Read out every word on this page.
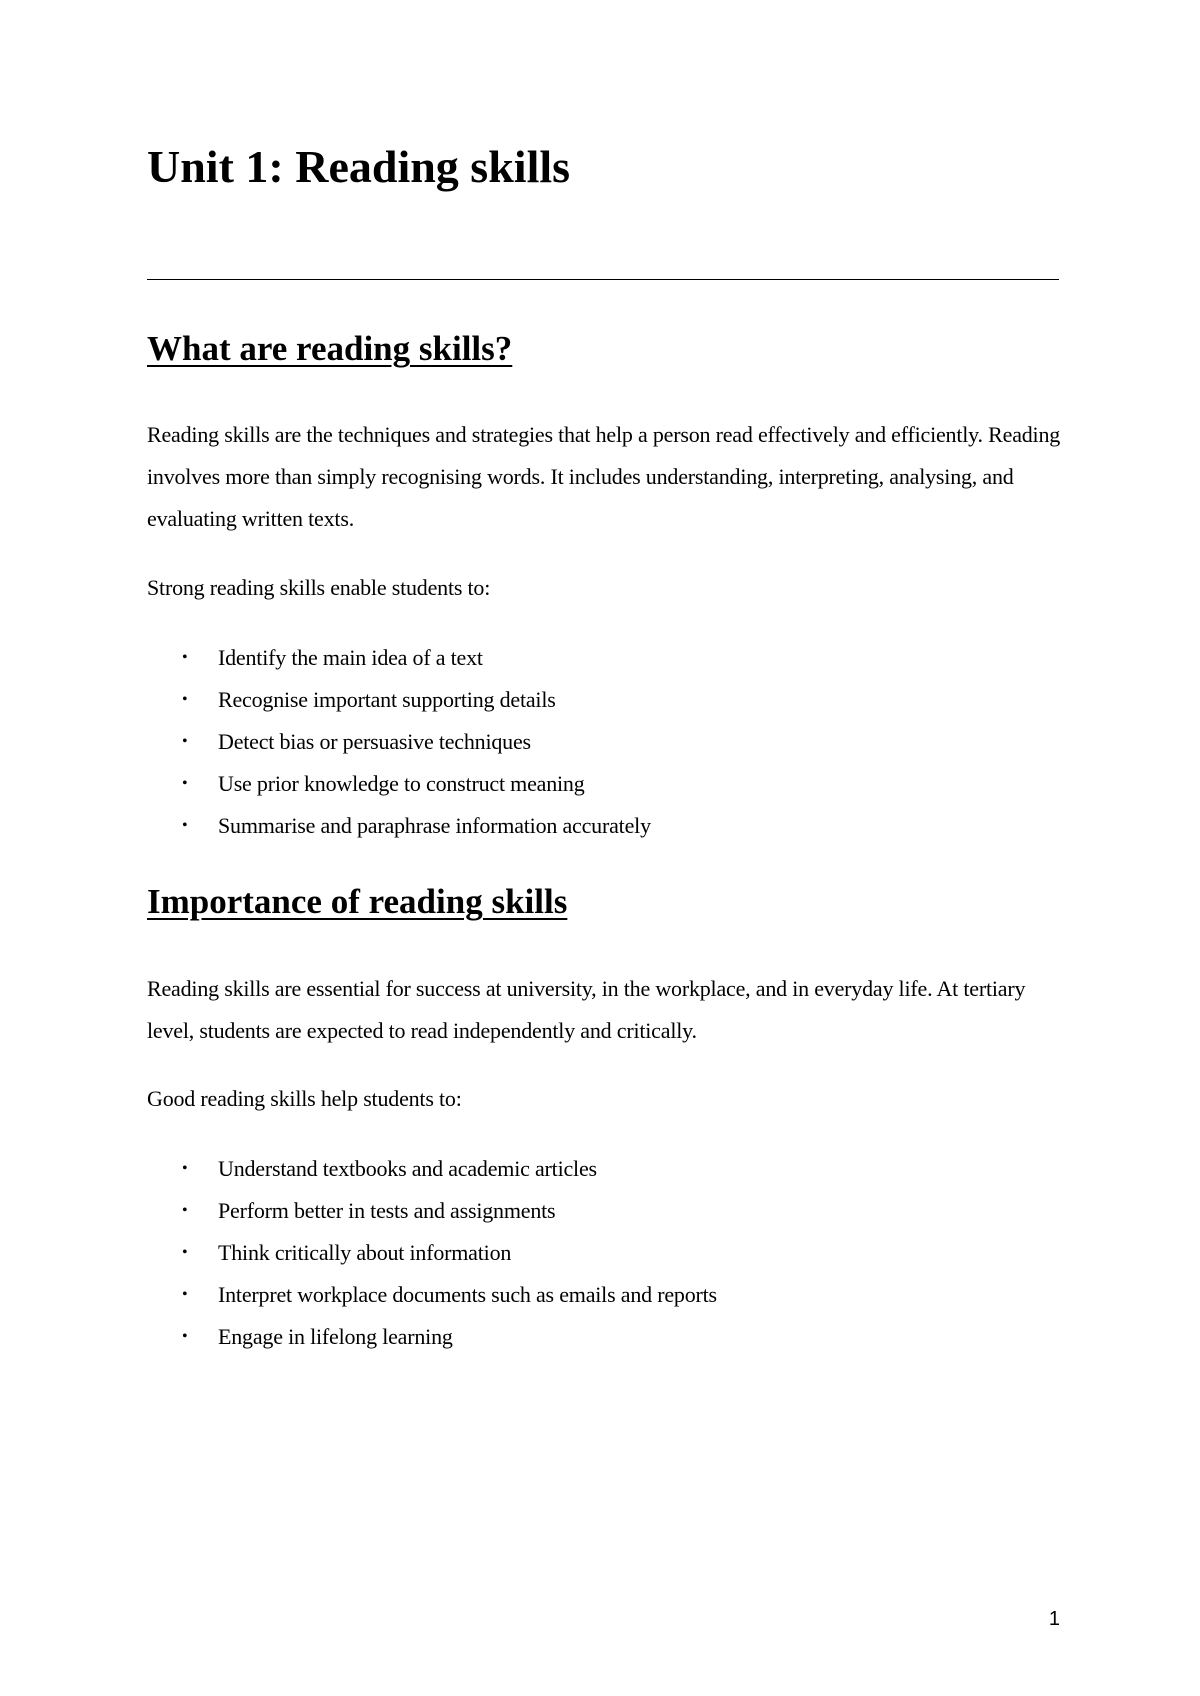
Unit 1: Reading skills
What are reading skills?

Reading skills are the techniques and strategies that help a person read effectively and efficiently. Reading involves more than simply recognising words. It includes understanding, interpreting, analysing, and evaluating written texts.

Strong reading skills enable students to:

• Identify the main idea of a text
• Recognise important supporting details
• Detect bias or persuasive techniques
• Use prior knowledge to construct meaning
• Summarise and paraphrase information accurately
Importance of reading skills

Reading skills are essential for success at university, in the workplace, and in everyday life. At tertiary level, students are expected to read independently and critically.

Good reading skills help students to:

• Understand textbooks and academic articles
• Perform better in tests and assignments
• Think critically about information
• Interpret workplace documents such as emails and reports
• Engage in lifelong learning

1
